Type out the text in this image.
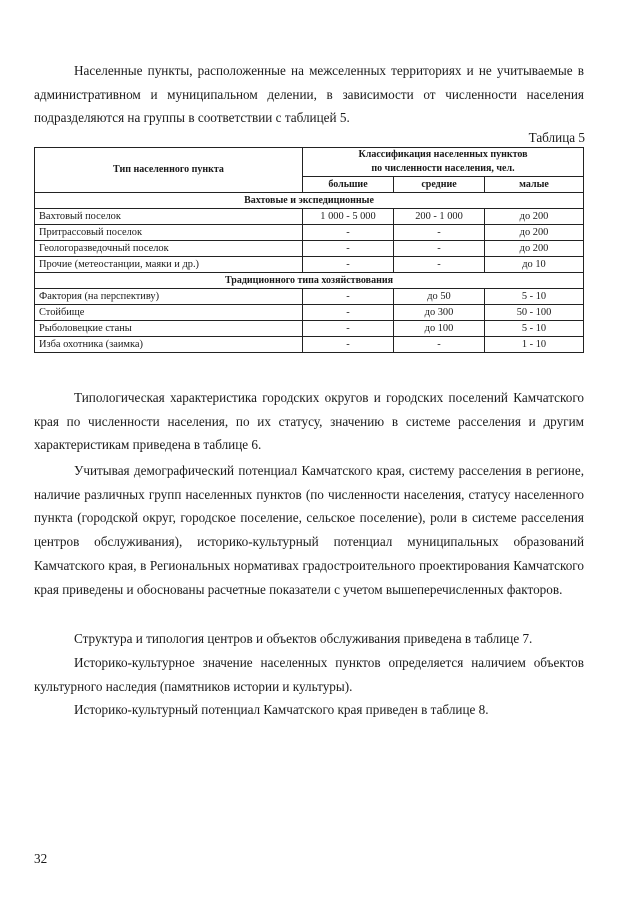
Населенные пункты, расположенные на межселенных территориях и не учитываемые в административном и муниципальном делении, в зависимости от численности населения подразделяются на группы в соответствии с таблицей 5.

Таблица 5

Тип населенного пункта	Классификация населенных пунктов
по численности населения, чел.		

	большие	средние	малые
Вахтовые и экспедиционные			
Вахтовый поселок	1 000 - 5 000	200 - 1 000	до 200
Притрассовый поселок	-	-	до 200
Геологоразведочный поселок	-	-	до 200
Прочие (метеостанции, маяки и др.)	-	-	до 10
Традиционного типа хозяйствования			
Фактория (на перспективу)	-	до 50	5 - 10
Стойбище	-	до 300	50 - 100
Рыболовецкие станы	-	до 100	5 - 10
Изба охотника (заимка)	-	-	1 - 10

Типологическая характеристика городских округов и городских поселений Камчатского края по численности населения, по их статусу, значению в системе расселения и другим характеристикам приведена в таблице 6.

Учитывая демографический потенциал Камчатского края, систему расселения в регионе, наличие различных групп населенных пунктов (по численности населения, статусу населенного пункта (городской округ, городское поселение, сельское поселение), роли в системе расселения центров обслуживания), историко-культурный потенциал муниципальных образований Камчатского края, в Региональных нормативах градостроительного проектирования Камчатского края приведены и обоснованы расчетные показатели с учетом вышеперечисленных факторов.

Структура и типология центров и объектов обслуживания приведена в таблице 7.

Историко-культурное значение населенных пунктов определяется наличием объектов культурного наследия (памятников истории и культуры).

Историко-культурный потенциал Камчатского края приведен в таблице 8.

32
